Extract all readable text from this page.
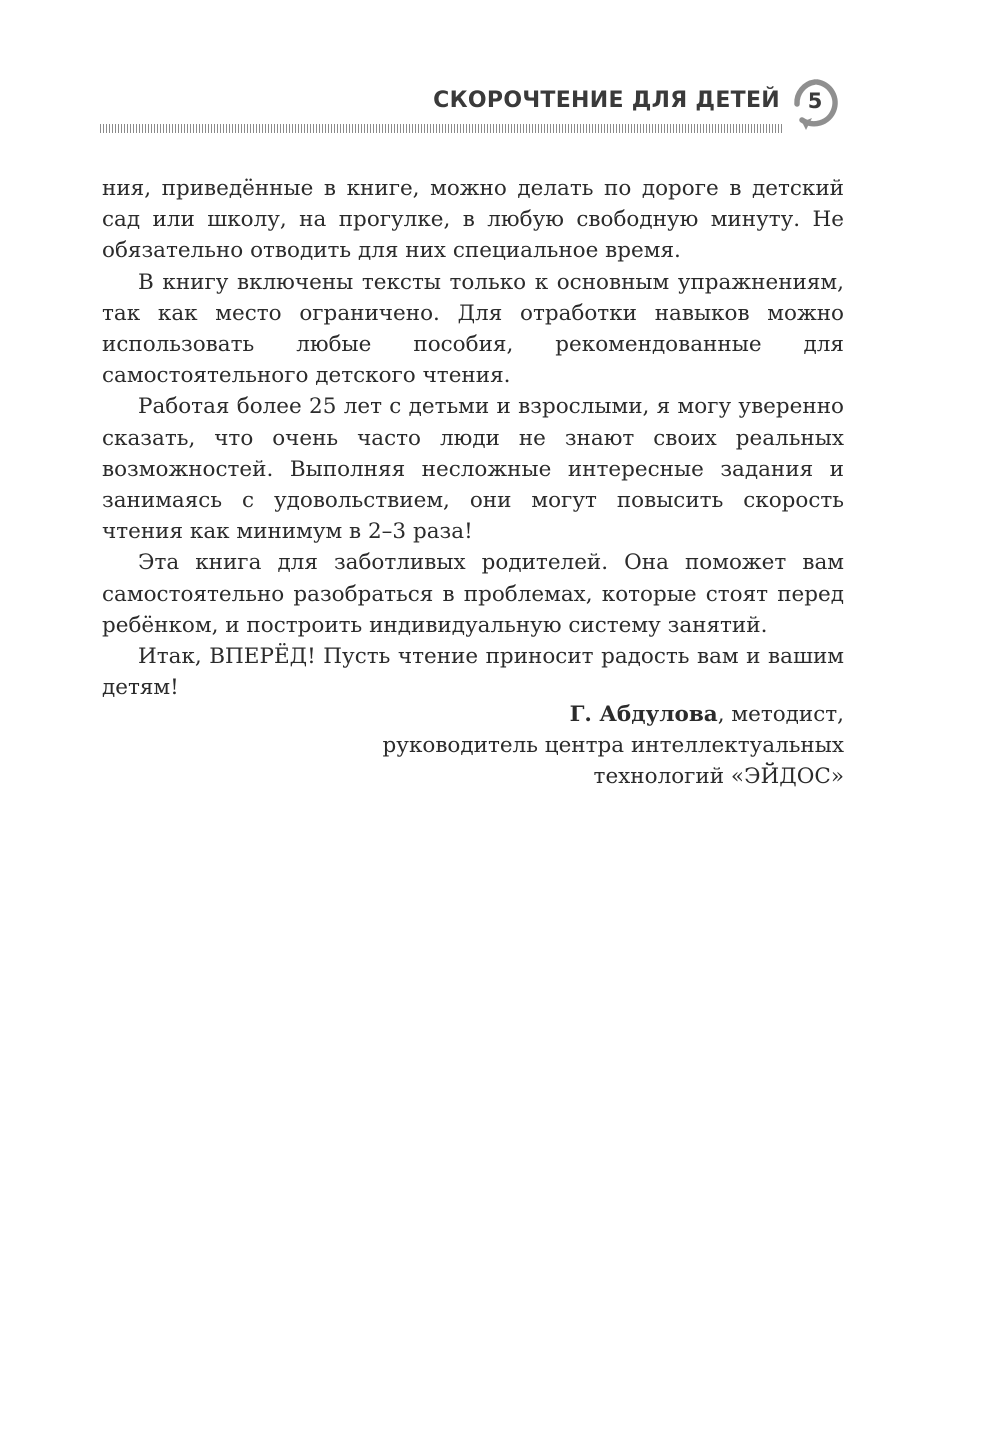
СКОРОЧТЕНИЕ ДЛЯ ДЕТЕЙ	5

ния, приведённые в книге, можно делать по дороге в детский сад или школу, на прогулке, в любую свободную минуту. Не обязательно отводить для них специальное время.

В книгу включены тексты только к основным упражнениям, так как место ограничено. Для отработки навыков можно использовать любые пособия, рекомендованные для самостоятельного детского чтения.

Работая более 25 лет с детьми и взрослыми, я могу уверенно сказать, что очень часто люди не знают своих реальных возможностей. Выполняя несложные интересные задания и занимаясь с удовольствием, они могут повысить скорость чтения как минимум в 2–3 раза!

Эта книга для заботливых родителей. Она поможет вам самостоятельно разобраться в проблемах, которые стоят перед ребёнком, и построить индивидуальную систему занятий.

Итак, ВПЕРЁД! Пусть чтение приносит радость вам и вашим детям!

Г. Абдулова, методист,
руководитель центра интеллектуальных
технологий «ЭЙДОС»
